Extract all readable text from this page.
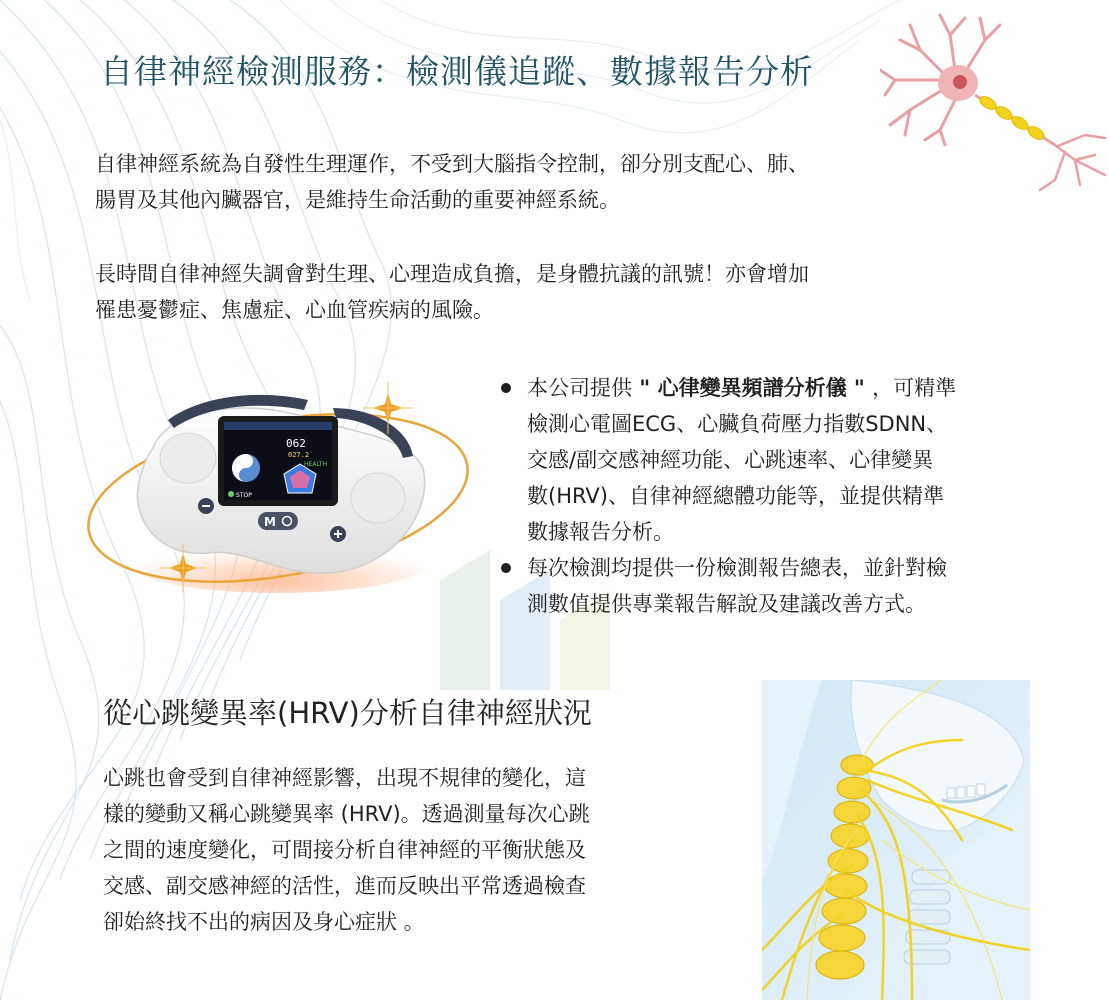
自律神經檢測服務：檢測儀追蹤、數據報告分析
自律神經系統為自發性生理運作，不受到大腦指令控制，卻分別支配心、肺、
腸胃及其他內臟器官，是維持生命活動的重要神經系統。
長時間自律神經失調會對生理、心理造成負擔，是身體抗議的訊號！亦會增加
罹患憂鬱症、焦慮症、心血管疾病的風險。
062
027.2
HEALTH
STOP
M
本公司提供 " 心律變異頻譜分析儀 " ，可精準
檢測心電圖ECG、心臟負荷壓力指數SDNN、
交感/副交感神經功能、心跳速率、心律變異
數(HRV)、自律神經總體功能等，並提供精準
數據報告分析。
每次檢測均提供一份檢測報告總表，並針對檢
測數值提供專業報告解說及建議改善方式。
從心跳變異率(HRV)分析自律神經狀況
心跳也會受到自律神經影響，出現不規律的變化，這
樣的變動又稱心跳變異率 (HRV)。透過測量每次心跳
之間的速度變化，可間接分析自律神經的平衡狀態及
交感、副交感神經的活性，進而反映出平常透過檢查
卻始終找不出的病因及身心症狀 。
